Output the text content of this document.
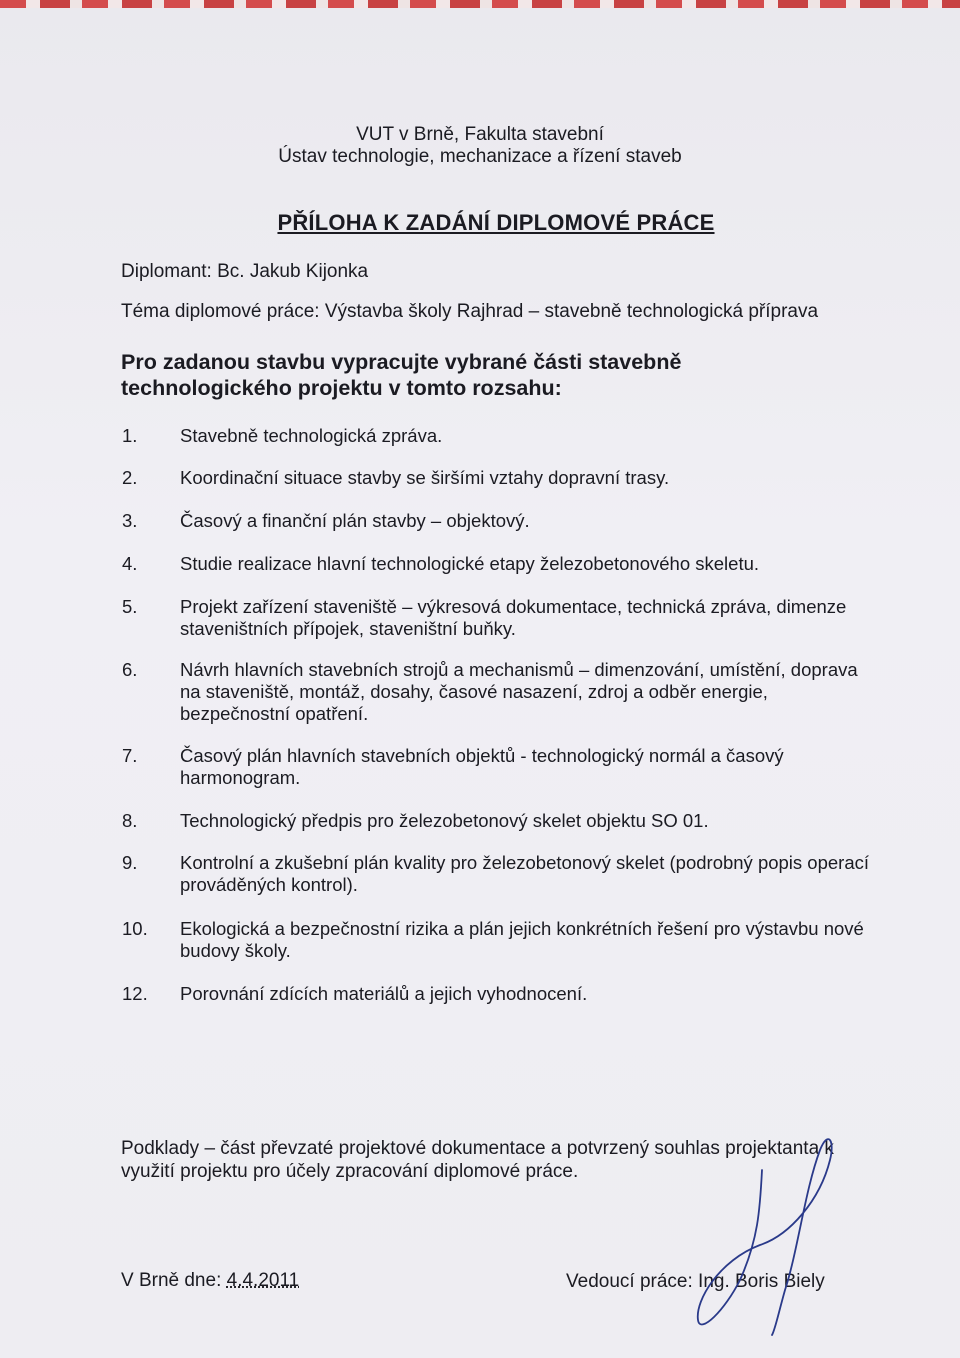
VUT v Brně, Fakulta stavební
Ústav technologie, mechanizace a řízení staveb
PŘÍLOHA K ZADÁNÍ DIPLOMOVÉ PRÁCE
Diplomant: Bc. Jakub Kijonka
Téma diplomové práce: Výstavba školy Rajhrad – stavebně technologická příprava
Pro zadanou stavbu vypracujte vybrané části stavebně technologického projektu v tomto rozsahu:
1.	Stavebně technologická zpráva.
2.	Koordinační situace stavby se širšími vztahy dopravní trasy.
3.	Časový a finanční plán stavby – objektový.
4.	Studie realizace hlavní technologické etapy železobetonového skeletu.
5.	Projekt zařízení staveniště – výkresová dokumentace, technická zpráva, dimenze staveništních přípojek, staveništní buňky.
6.	Návrh hlavních stavebních strojů a mechanismů – dimenzování, umístění, doprava na staveniště, montáž, dosahy, časové nasazení, zdroj a odběr energie, bezpečnostní opatření.
7.	Časový plán hlavních stavebních objektů - technologický normál a časový harmonogram.
8.	Technologický předpis pro železobetonový skelet objektu SO 01.
9.	Kontrolní a zkušební plán kvality pro železobetonový skelet (podrobný popis operací prováděných kontrol).
10.	Ekologická a bezpečnostní rizika a plán jejich konkrétních řešení pro výstavbu nové budovy školy.
12.	Porovnání zdících materiálů a jejich vyhodnocení.
Podklady – část převzaté projektové dokumentace a potvrzený souhlas projektanta k využití projektu pro účely zpracování diplomové práce.
V Brně dne: 4.4.2011	Vedoucí práce: Ing. Boris Biely
